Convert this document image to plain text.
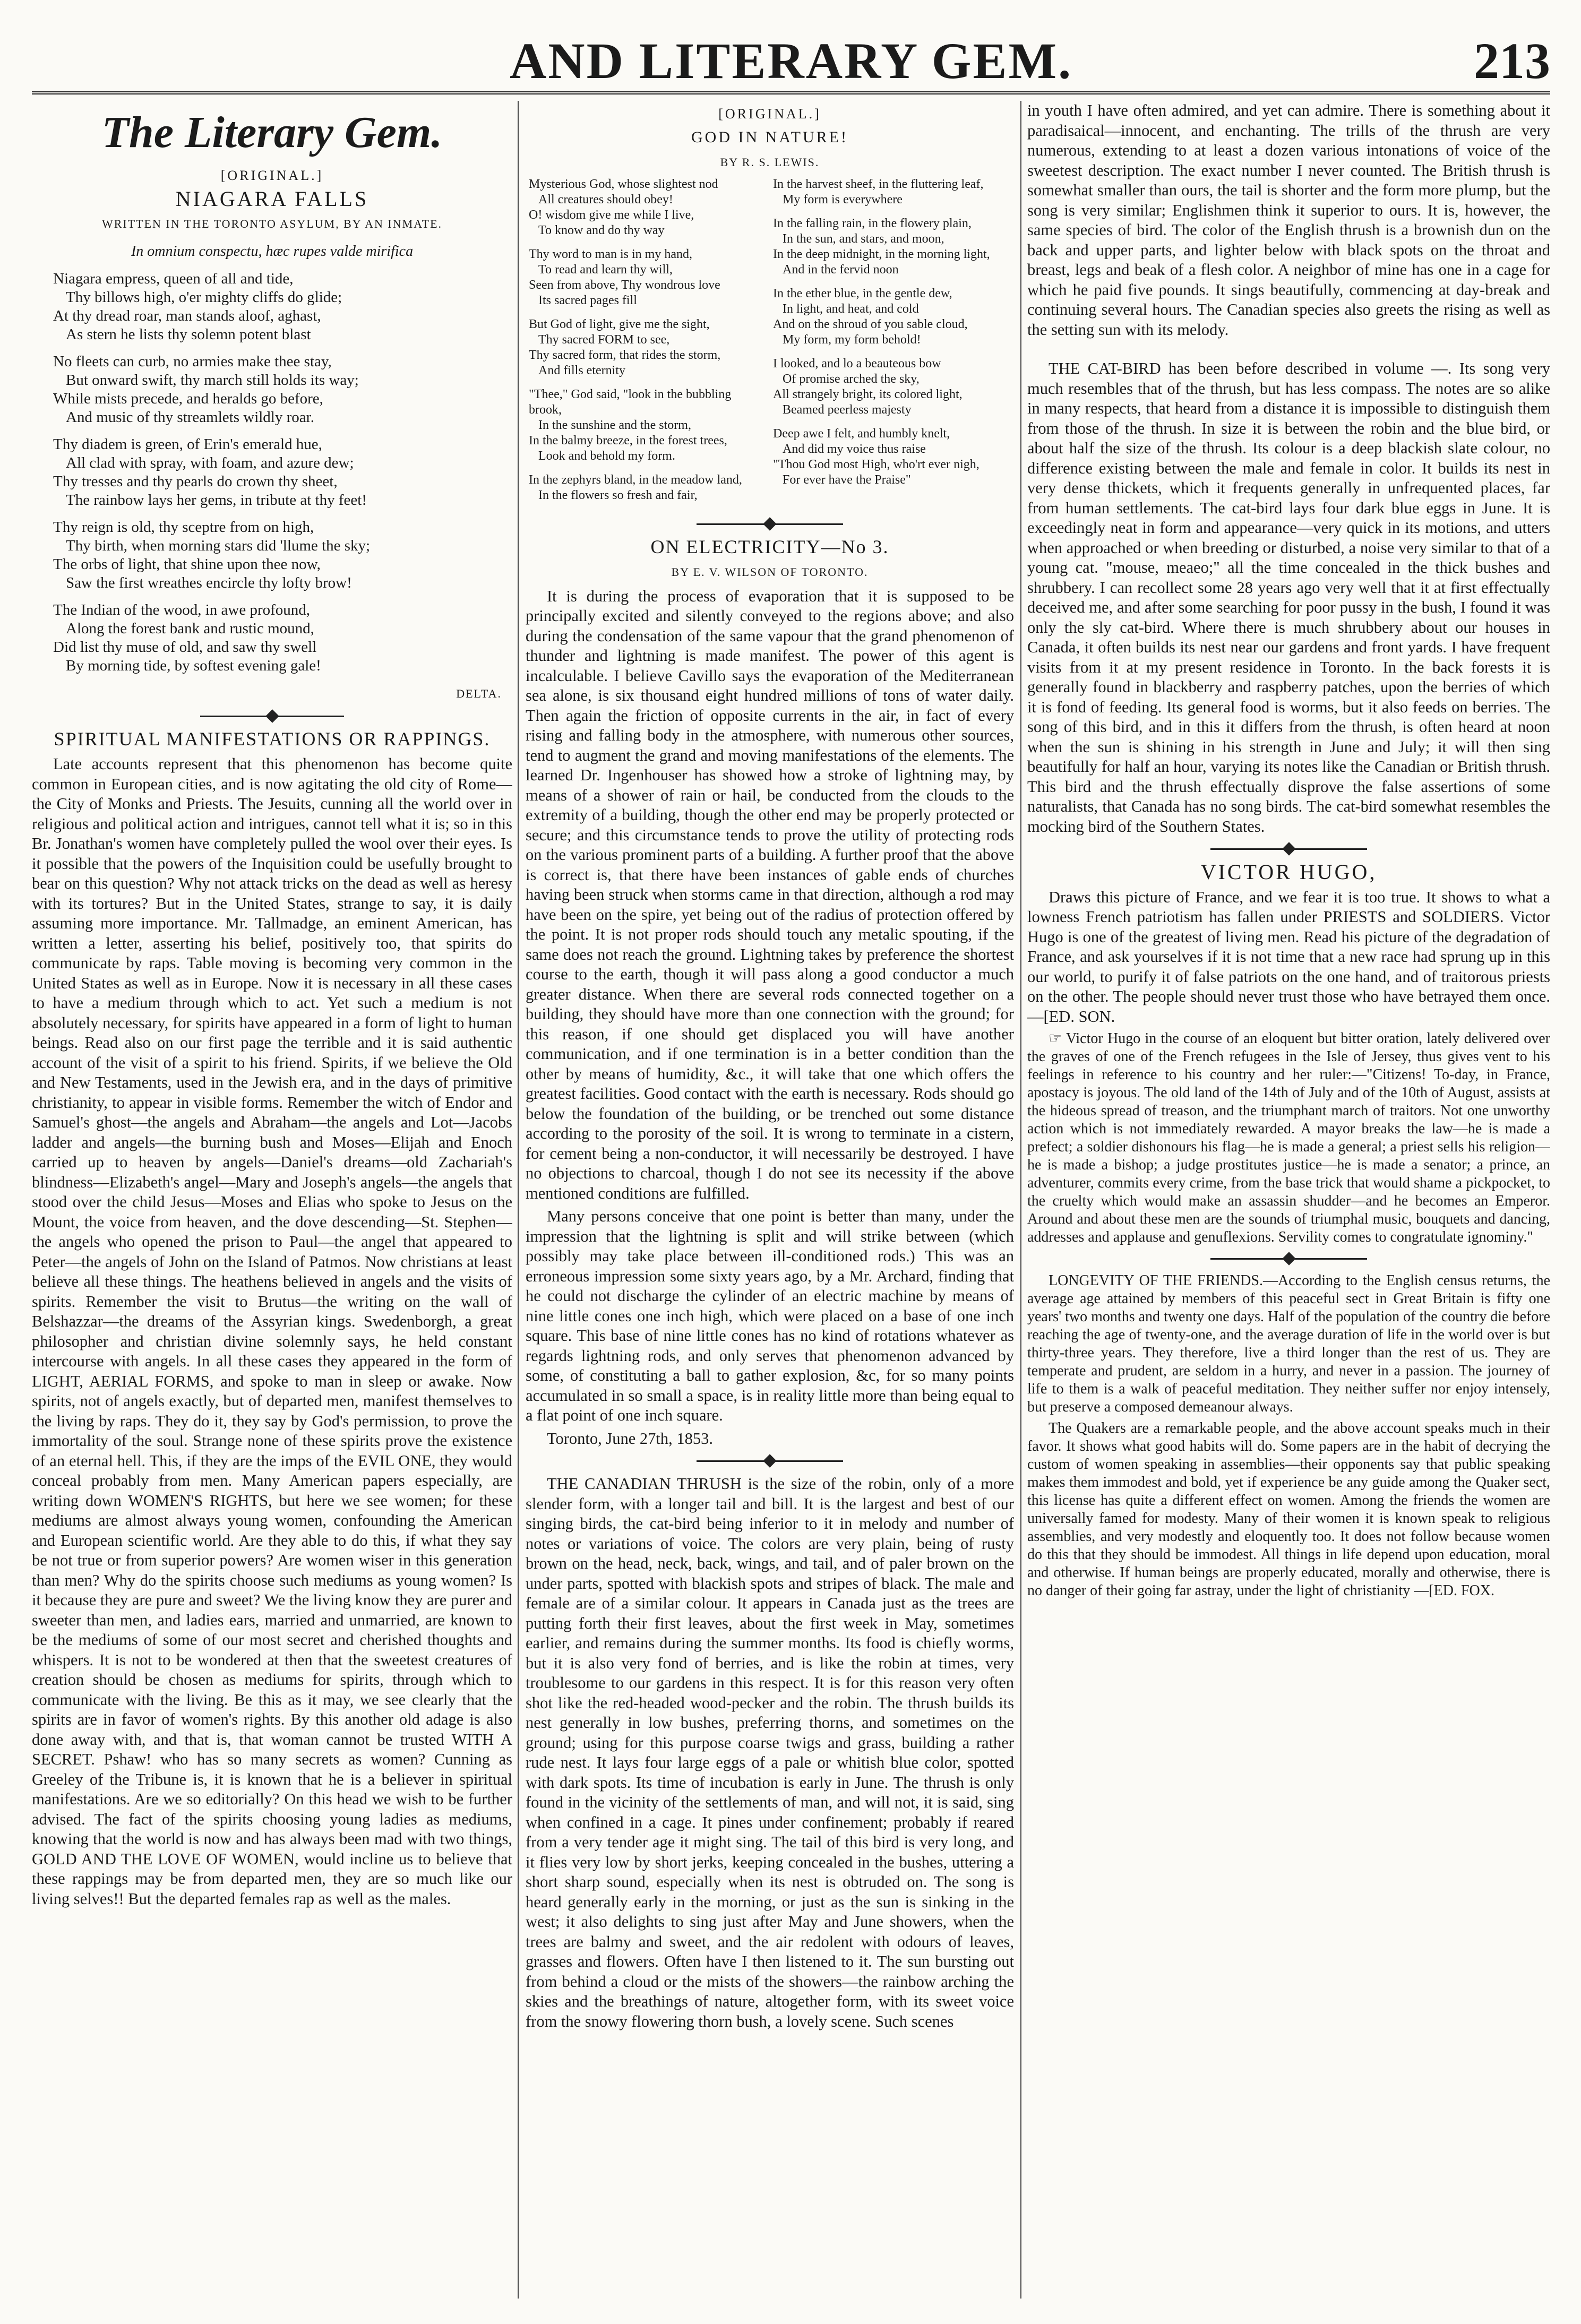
AND LITERARY GEM.	213
The Literary Gem.
[ORIGINAL.]
NIAGARA FALLS
WRITTEN IN THE TORONTO ASYLUM, BY AN INMATE.
In omnium conspectu, hæc rupes valde mirifica
Niagara empress, queen of all and tide,
Thy billows high, o'er mighty cliffs do glide;
At thy dread roar, man stands aloof, aghast,
As stern he lists thy solemn potent blast
No fleets can curb, no armies make thee stay,
But onward swift, thy march still holds its way;
While mists precede, and heralds go before,
And music of thy streamlets wildly roar.
Thy diadem is green, of Erin's emerald hue,
All clad with spray, with foam, and azure dew;
Thy tresses and thy pearls do crown thy sheet,
The rainbow lays her gems, in tribute at thy feet!
Thy reign is old, thy sceptre from on high,
Thy birth, when morning stars did 'llume the sky;
The orbs of light, that shine upon thee now,
Saw the first wreathes encircle thy lofty brow!
The Indian of the wood, in awe profound,
Along the forest bank and rustic mound,
Did list thy muse of old, and saw thy swell
By morning tide, by softest evening gale!
DELTA.
SPIRITUAL MANIFESTATIONS OR RAPPINGS.

Late accounts represent that this phenomenon has become quite common in European cities, and is now agitating the old city of Rome—the City of Monks and Priests. The Jesuits, cunning all the world over in religious and political action and intrigues, cannot tell what it is; so in this Br. Jonathan's women have completely pulled the wool over their eyes. Is it possible that the powers of the Inquisition could be usefully brought to bear on this question? Why not attack tricks on the dead as well as heresy with its tortures? But in the United States, strange to say, it is daily assuming more importance. Mr. Tallmadge, an eminent American, has written a letter, asserting his belief, positively too, that spirits do communicate by raps. Table moving is becoming very common in the United States as well as in Europe. Now it is necessary in all these cases to have a medium through which to act. Yet such a medium is not absolutely necessary, for spirits have appeared in a form of light to human beings. Read also on our first page the terrible and it is said authentic account of the visit of a spirit to his friend. Spirits, if we believe the Old and New Testaments, used in the Jewish era, and in the days of primitive christianity, to appear in visible forms. Remember the witch of Endor and Samuel's ghost—the angels and Abraham—the angels and Lot—Jacobs ladder and angels—the burning bush and Moses—Elijah and Enoch carried up to heaven by angels—Daniel's dreams—old Zachariah's blindness—Elizabeth's angel—Mary and Joseph's angels—the angels that stood over the child Jesus—Moses and Elias who spoke to Jesus on the Mount, the voice from heaven, and the dove descending—St. Stephen—the angels who opened the prison to Paul—the angel that appeared to Peter—the angels of John on the Island of Patmos. Now christians at least believe all these things. The heathens believed in angels and the visits of spirits. Remember the visit to Brutus—the writing on the wall of Belshazzar—the dreams of the Assyrian kings. Swedenborgh, a great philosopher and christian divine solemnly says, he held constant intercourse with angels. In all these cases they appeared in the form of LIGHT, AERIAL FORMS, and spoke to man in sleep or awake. Now spirits, not of angels exactly, but of departed men, manifest themselves to the living by raps. They do it, they say by God's permission, to prove the immortality of the soul. Strange none of these spirits prove the existence of an eternal hell. This, if they are the imps of the EVIL ONE, they would conceal probably from men. Many American papers especially, are writing down WOMEN'S RIGHTS, but here we see women; for these mediums are almost always young women, confounding the American and European scientific world. Are they able to do this, if what they say be not true or from superior powers? Are women wiser in this generation than men? Why do the spirits choose such mediums as young women? Is it because they are pure and sweet? We the living know they are purer and sweeter than men, and ladies ears, married and unmarried, are known to be the mediums of some of our most secret and cherished thoughts and whispers. It is not to be wondered at then that the sweetest creatures of creation should be chosen as mediums for spirits, through which to communicate with the living. Be this as it may, we see clearly that the spirits are in favor of women's rights. By this another old adage is also done away with, and that is, that woman cannot be trusted WITH A SECRET. Pshaw! who has so many secrets as women? Cunning as Greeley of the Tribune is, it is known that he is a believer in spiritual manifestations. Are we so editorially? On this head we wish to be further advised. The fact of the spirits choosing young ladies as mediums, knowing that the world is now and has always been mad with two things, GOLD AND THE LOVE OF WOMEN, would incline us to believe that these rappings may be from departed men, they are so much like our living selves!! But the departed females rap as well as the males.

[ORIGINAL.]
GOD IN NATURE!
BY R. S. LEWIS.
Mysterious God, whose slightest nod
All creatures should obey!
O! wisdom give me while I live,
To know and do thy way
Thy word to man is in my hand,
To read and learn thy will,
Seen from above, Thy wondrous love
Its sacred pages fill
But God of light, give me the sight,
Thy sacred FORM to see,
Thy sacred form, that rides the storm,
And fills eternity
"Thee," God said, "look in the bubbling brook,
In the sunshine and the storm,
In the balmy breeze, in the forest trees,
Look and behold my form.
In the zephyrs bland, in the meadow land,
In the flowers so fresh and fair,
In the harvest sheef, in the fluttering leaf,
My form is everywhere
In the falling rain, in the flowery plain,
In the sun, and stars, and moon,
In the deep midnight, in the morning light,
And in the fervid noon
In the ether blue, in the gentle dew,
In light, and heat, and cold
And on the shroud of you sable cloud,
My form, my form behold!
I looked, and lo a beauteous bow
Of promise arched the sky,
All strangely bright, its colored light,
Beamed peerless majesty
Deep awe I felt, and humbly knelt,
And did my voice thus raise
"Thou God most High, who'rt ever nigh,
For ever have the Praise"
ON ELECTRICITY—No 3.
BY E. V. WILSON OF TORONTO.

It is during the process of evaporation that it is supposed to be principally excited and silently conveyed to the regions above; and also during the condensation of the same vapour that the grand phenomenon of thunder and lightning is made manifest. The power of this agent is incalculable. I believe Cavillo says the evaporation of the Mediterranean sea alone, is six thousand eight hundred millions of tons of water daily. Then again the friction of opposite currents in the air, in fact of every rising and falling body in the atmosphere, with numerous other sources, tend to augment the grand and moving manifestations of the elements. The learned Dr. Ingenhouser has showed how a stroke of lightning may, by means of a shower of rain or hail, be conducted from the clouds to the extremity of a building, though the other end may be properly protected or secure; and this circumstance tends to prove the utility of protecting rods on the various prominent parts of a building. A further proof that the above is correct is, that there have been instances of gable ends of churches having been struck when storms came in that direction, although a rod may have been on the spire, yet being out of the radius of protection offered by the point. It is not proper rods should touch any metalic spouting, if the same does not reach the ground. Lightning takes by preference the shortest course to the earth, though it will pass along a good conductor a much greater distance. When there are several rods connected together on a building, they should have more than one connection with the ground; for this reason, if one should get displaced you will have another communication, and if one termination is in a better condition than the other by means of humidity, &c., it will take that one which offers the greatest facilities. Good contact with the earth is necessary. Rods should go below the foundation of the building, or be trenched out some distance according to the porosity of the soil. It is wrong to terminate in a cistern, for cement being a non-conductor, it will necessarily be destroyed. I have no objections to charcoal, though I do not see its necessity if the above mentioned conditions are fulfilled.

Many persons conceive that one point is better than many, under the impression that the lightning is split and will strike between (which possibly may take place between ill-conditioned rods.) This was an erroneous impression some sixty years ago, by a Mr. Archard, finding that he could not discharge the cylinder of an electric machine by means of nine little cones one inch high, which were placed on a base of one inch square. This base of nine little cones has no kind of rotations whatever as regards lightning rods, and only serves that phenomenon advanced by some, of constituting a ball to gather explosion, &c, for so many points accumulated in so small a space, is in reality little more than being equal to a flat point of one inch square.

Toronto, June 27th, 1853.

THE CANADIAN THRUSH is the size of the robin, only of a more slender form, with a longer tail and bill. It is the largest and best of our singing birds, the cat-bird being inferior to it in melody and number of notes or variations of voice. The colors are very plain, being of rusty brown on the head, neck, back, wings, and tail, and of paler brown on the under parts, spotted with blackish spots and stripes of black. The male and female are of a similar colour. It appears in Canada just as the trees are putting forth their first leaves, about the first week in May, sometimes earlier, and remains during the summer months. Its food is chiefly worms, but it is also very fond of berries, and is like the robin at times, very troublesome to our gardens in this respect. It is for this reason very often shot like the red-headed wood-pecker and the robin. The thrush builds its nest generally in low bushes, preferring thorns, and sometimes on the ground; using for this purpose coarse twigs and grass, building a rather rude nest. It lays four large eggs of a pale or whitish blue color, spotted with dark spots. Its time of incubation is early in June. The thrush is only found in the vicinity of the settlements of man, and will not, it is said, sing when confined in a cage. It pines under confinement; probably if reared from a very tender age it might sing. The tail of this bird is very long, and it flies very low by short jerks, keeping concealed in the bushes, uttering a short sharp sound, especially when its nest is obtruded on. The song is heard generally early in the morning, or just as the sun is sinking in the west; it also delights to sing just after May and June showers, when the trees are balmy and sweet, and the air redolent with odours of leaves, grasses and flowers. Often have I then listened to it. The sun bursting out from behind a cloud or the mists of the showers—the rainbow arching the skies and the breathings of nature, altogether form, with its sweet voice from the snowy flowering thorn bush, a lovely scene. Such scenes

in youth I have often admired, and yet can admire. There is something about it paradisaical—innocent, and enchanting. The trills of the thrush are very numerous, extending to at least a dozen various intonations of voice of the sweetest description. The exact number I never counted. The British thrush is somewhat smaller than ours, the tail is shorter and the form more plump, but the song is very similar; Englishmen think it superior to ours. It is, however, the same species of bird. The color of the English thrush is a brownish dun on the back and upper parts, and lighter below with black spots on the throat and breast, legs and beak of a flesh color. A neighbor of mine has one in a cage for which he paid five pounds. It sings beautifully, commencing at day-break and continuing several hours. The Canadian species also greets the rising as well as the setting sun with its melody.

THE CAT-BIRD has been before described in volume —. Its song very much resembles that of the thrush, but has less compass. The notes are so alike in many respects, that heard from a distance it is impossible to distinguish them from those of the thrush. In size it is between the robin and the blue bird, or about half the size of the thrush. Its colour is a deep blackish slate colour, no difference existing between the male and female in color. It builds its nest in very dense thickets, which it frequents generally in unfrequented places, far from human settlements. The cat-bird lays four dark blue eggs in June. It is exceedingly neat in form and appearance—very quick in its motions, and utters when approached or when breeding or disturbed, a noise very similar to that of a young cat. "mouse, meaeo;" all the time concealed in the thick bushes and shrubbery. I can recollect some 28 years ago very well that it at first effectually deceived me, and after some searching for poor pussy in the bush, I found it was only the sly cat-bird. Where there is much shrubbery about our houses in Canada, it often builds its nest near our gardens and front yards. I have frequent visits from it at my present residence in Toronto. In the back forests it is generally found in blackberry and raspberry patches, upon the berries of which it is fond of feeding. Its general food is worms, but it also feeds on berries. The song of this bird, and in this it differs from the thrush, is often heard at noon when the sun is shining in his strength in June and July; it will then sing beautifully for half an hour, varying its notes like the Canadian or British thrush. This bird and the thrush effectually disprove the false assertions of some naturalists, that Canada has no song birds. The cat-bird somewhat resembles the mocking bird of the Southern States.

VICTOR HUGO,

Draws this picture of France, and we fear it is too true. It shows to what a lowness French patriotism has fallen under PRIESTS and SOLDIERS. Victor Hugo is one of the greatest of living men. Read his picture of the degradation of France, and ask yourselves if it is not time that a new race had sprung up in this our world, to purify it of false patriots on the one hand, and of traitorous priests on the other. The people should never trust those who have betrayed them once.—[ED. SON.

☞ Victor Hugo in the course of an eloquent but bitter oration, lately delivered over the graves of one of the French refugees in the Isle of Jersey, thus gives vent to his feelings in reference to his country and her ruler:—"Citizens! To-day, in France, apostacy is joyous. The old land of the 14th of July and of the 10th of August, assists at the hideous spread of treason, and the triumphant march of traitors. Not one unworthy action which is not immediately rewarded. A mayor breaks the law—he is made a prefect; a soldier dishonours his flag—he is made a general; a priest sells his religion—he is made a bishop; a judge prostitutes justice—he is made a senator; a prince, an adventurer, commits every crime, from the base trick that would shame a pickpocket, to the cruelty which would make an assassin shudder—and he becomes an Emperor. Around and about these men are the sounds of triumphal music, bouquets and dancing, addresses and applause and genuflexions. Servility comes to congratulate ignominy."

LONGEVITY OF THE FRIENDS.—According to the English census returns, the average age attained by members of this peaceful sect in Great Britain is fifty one years' two months and twenty one days. Half of the population of the country die before reaching the age of twenty-one, and the average duration of life in the world over is but thirty-three years. They therefore, live a third longer than the rest of us. They are temperate and prudent, are seldom in a hurry, and never in a passion. The journey of life to them is a walk of peaceful meditation. They neither suffer nor enjoy intensely, but preserve a composed demeanour always.

The Quakers are a remarkable people, and the above account speaks much in their favor. It shows what good habits will do. Some papers are in the habit of decrying the custom of women speaking in assemblies—their opponents say that public speaking makes them immodest and bold, yet if experience be any guide among the Quaker sect, this license has quite a different effect on women. Among the friends the women are universally famed for modesty. Many of their women it is known speak to religious assemblies, and very modestly and eloquently too. It does not follow because women do this that they should be immodest. All things in life depend upon education, moral and otherwise. If human beings are properly educated, morally and otherwise, there is no danger of their going far astray, under the light of christianity —[ED. FOX.
